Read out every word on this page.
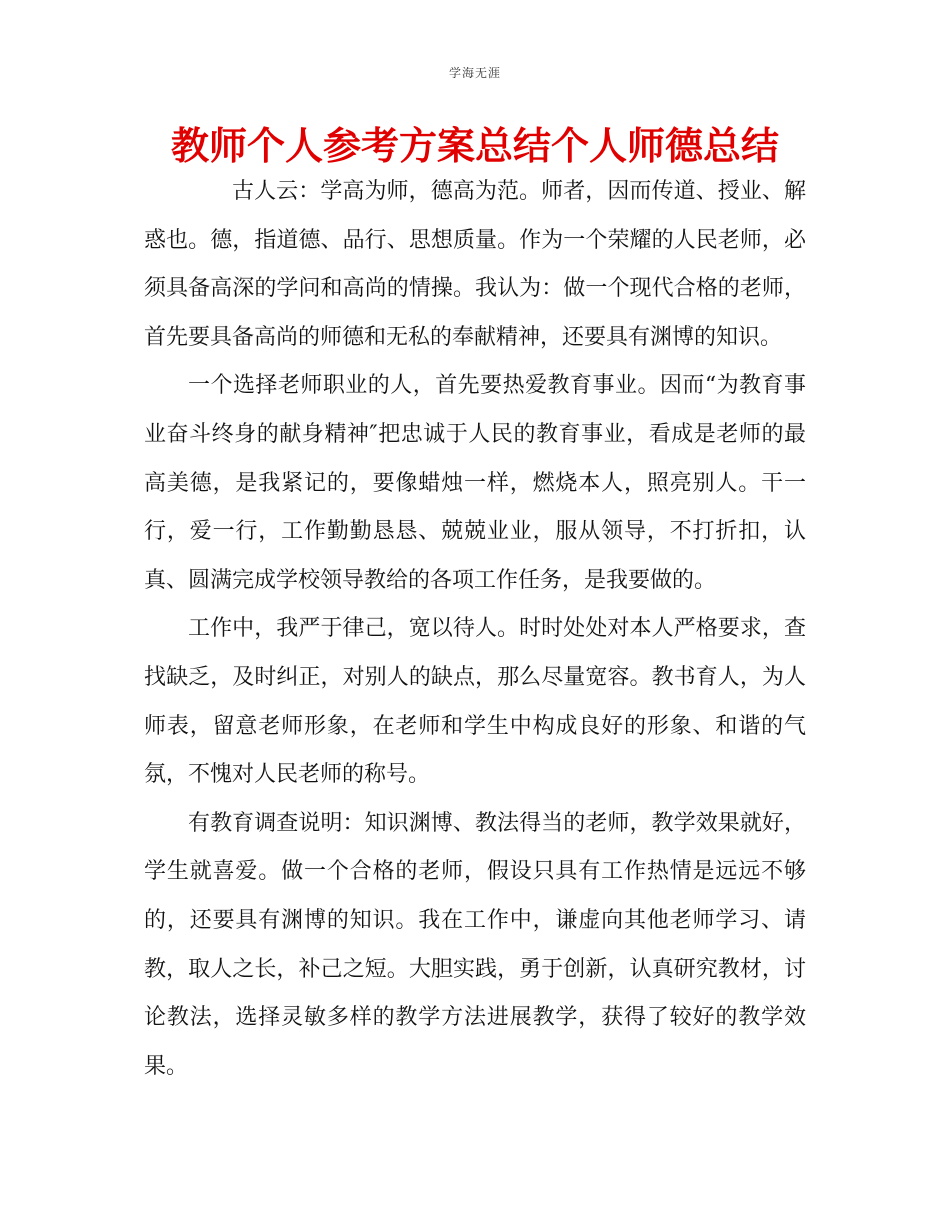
学海无涯
教师个人参考方案总结个人师德总结

古人云：学高为师，德高为范。师者，因而传道、授业、解惑也。德，指道德、品行、思想质量。作为一个荣耀的人民老师，必须具备高深的学问和高尚的情操。我认为：做一个现代合格的老师，首先要具备高尚的师德和无私的奉献精神，还要具有渊博的知识。

一个选择老师职业的人，首先要热爱教育事业。因而“为教育事业奋斗终身的献身精神″把忠诚于人民的教育事业，看成是老师的最高美德，是我紧记的，要像蜡烛一样，燃烧本人，照亮别人。干一行，爱一行，工作勤勤恳恳、兢兢业业，服从领导，不打折扣，认真、圆满完成学校领导教给的各项工作任务，是我要做的。

工作中，我严于律己，宽以待人。时时处处对本人严格要求，查找缺乏，及时纠正，对别人的缺点，那么尽量宽容。教书育人，为人师表，留意老师形象，在老师和学生中构成良好的形象、和谐的气氛，不愧对人民老师的称号。

有教育调查说明：知识渊博、教法得当的老师，教学效果就好，学生就喜爱。做一个合格的老师，假设只具有工作热情是远远不够的，还要具有渊博的知识。我在工作中，谦虚向其他老师学习、请教，取人之长，补己之短。大胆实践，勇于创新，认真研究教材，讨论教法，选择灵敏多样的教学方法进展教学，获得了较好的教学效果。
